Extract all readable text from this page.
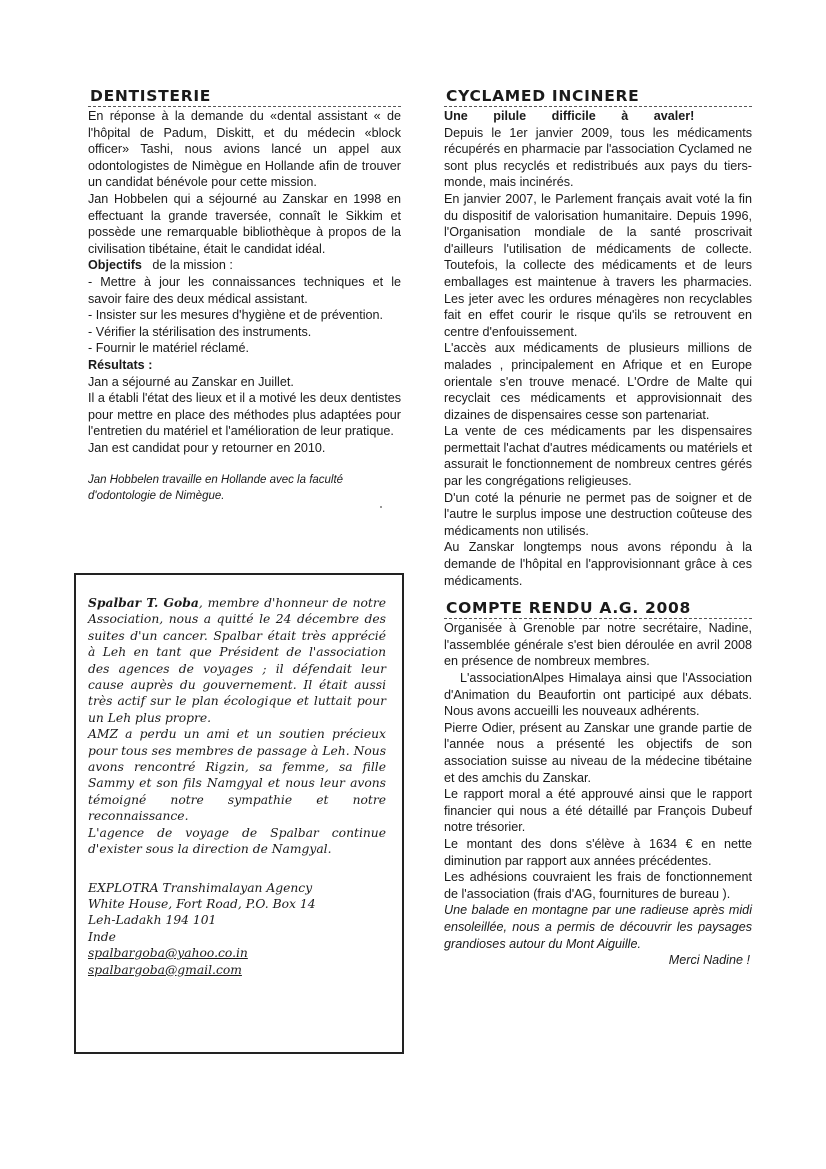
DENTISTERIE

En réponse à la demande du «dental assistant « de l'hôpital de Padum, Diskitt, et du médecin «block officer» Tashi, nous avions lancé un appel aux odontologistes de Nimègue en Hollande afin de trouver un candidat bénévole pour cette mission.

Jan Hobbelen qui a séjourné au Zanskar en 1998 en effectuant la grande traversée, connaît le Sikkim et possède une remarquable bibliothèque à propos de la civilisation tibétaine, était le candidat idéal.

Objectifs   de la mission :

- Mettre à jour les connaissances techniques et le savoir faire des deux médical assistant.

- Insister sur les mesures d'hygiène et de prévention.

- Vérifier la stérilisation des instruments.

- Fournir le matériel réclamé.

Résultats :

Jan a séjourné au Zanskar en Juillet.

Il a établi l'état des lieux et il a motivé les deux dentistes pour mettre en place des méthodes plus adaptées pour l'entretien du matériel et l'amélioration de leur pratique.

Jan est candidat pour y retourner en 2010.

Jan Hobbelen travaille en Hollande avec la faculté d'odontologie de Nimègue.

Spalbar T. Goba, membre d'honneur de notre Association, nous a quitté le 24 décembre des suites d'un cancer. Spalbar était très apprécié à Leh en tant que Président de l'association des agences de voyages ; il défendait leur cause auprès du gouvernement. Il était aussi très actif sur le plan écologique et luttait pour un Leh plus propre.

AMZ a perdu un ami et un soutien précieux pour tous ses membres de passage à Leh. Nous avons rencontré Rigzin, sa femme, sa fille Sammy et son fils Namgyal et nous leur avons témoigné notre sympathie et notre reconnaissance.

L'agence de voyage de Spalbar continue d'exister sous la direction de Namgyal.

EXPLOTRA Transhimalayan Agency
White House, Fort Road, P.O. Box 14
Leh-Ladakh 194 101
Inde
spalbargoba@yahoo.co.in
spalbargoba@gmail.com
CYCLAMED INCINERE

Une pilule difficile à avaler!

Depuis le 1er janvier 2009, tous les médicaments récupérés en pharmacie par l'association Cyclamed ne sont plus recyclés et redistribués aux pays du tiers-monde, mais incinérés.

En janvier 2007, le Parlement français avait voté la fin du dispositif de valorisation humanitaire. Depuis 1996, l'Organisation mondiale de la santé proscrivait d'ailleurs l'utilisation de médicaments de collecte. Toutefois, la collecte des médicaments et de leurs emballages est maintenue à travers les pharmacies. Les jeter avec les ordures ménagères non recyclables fait en effet courir le risque qu'ils se retrouvent en centre d'enfouissement.

L'accès aux médicaments de plusieurs millions de malades , principalement en Afrique et en Europe orientale s'en trouve menacé. L'Ordre de Malte qui recyclait ces médicaments et approvisionnait des dizaines de dispensaires cesse son partenariat.

La vente de ces médicaments par les dispensaires permettait l'achat d'autres médicaments ou matériels et assurait le fonctionnement de nombreux centres gérés par les congrégations religieuses.

D'un coté la pénurie ne permet pas de soigner et de l'autre le surplus impose une destruction coûteuse des médicaments non utilisés.

Au Zanskar longtemps nous avons répondu à la demande de l'hôpital en l'approvisionnant grâce à ces médicaments.

COMPTE RENDU A.G. 2008

Organisée à Grenoble par notre secrétaire, Nadine, l'assemblée générale s'est bien déroulée en avril 2008 en présence de nombreux membres.

L'associationAlpes Himalaya ainsi que l'Association d'Animation du Beaufortin ont participé aux débats. Nous avons accueilli les nouveaux adhérents.

Pierre Odier, présent au Zanskar une grande partie de l'année nous a présenté les objectifs de son association suisse au niveau de la médecine tibétaine et des amchis du Zanskar.

Le rapport moral a été approuvé ainsi que le rapport financier qui nous a été détaillé par François Dubeuf notre trésorier.

Le montant des dons s'élève à 1634 € en nette diminution par rapport aux années précédentes.

Les adhésions couvraient les frais de fonctionnement de l'association (frais d'AG, fournitures de bureau ).

Une balade en montagne par une radieuse après midi ensoleillée, nous a permis de découvrir les paysages grandioses autour du Mont Aiguille.

Merci Nadine !
